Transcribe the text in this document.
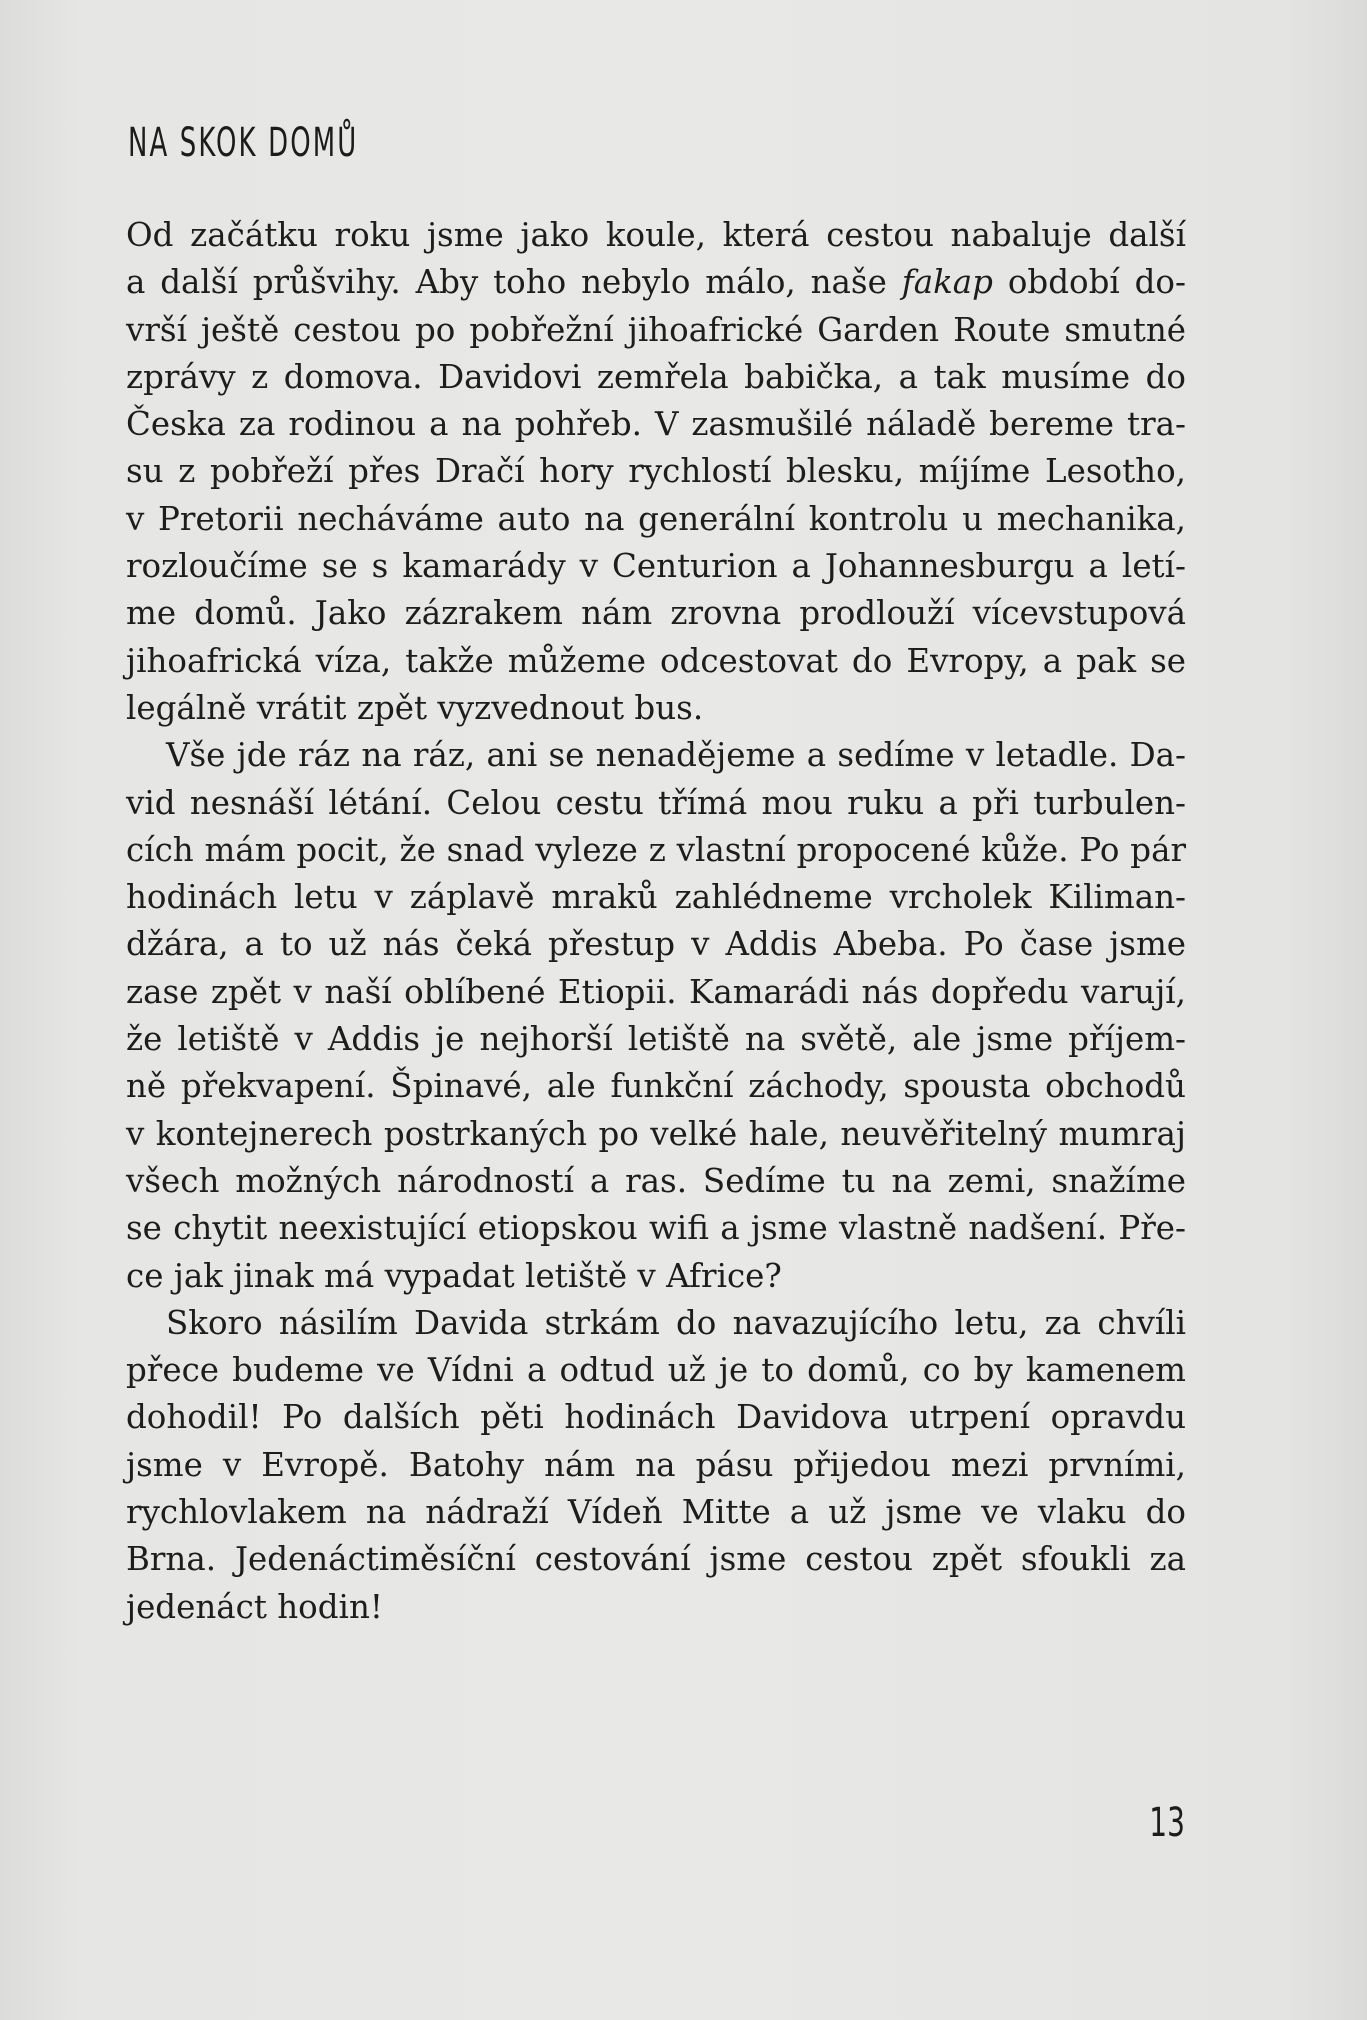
NA SKOK DOMŮ
Od začátku roku jsme jako koule, která cestou nabaluje další
a další průšvihy. Aby toho nebylo málo, naše fakap období do-
vrší ještě cestou po pobřežní jihoafrické Garden Route smutné
zprávy z domova. Davidovi zemřela babička, a tak musíme do
Česka za rodinou a na pohřeb. V zasmušilé náladě bereme tra-
su z pobřeží přes Dračí hory rychlostí blesku, míjíme Lesotho,
v Pretorii necháváme auto na generální kontrolu u mechanika,
rozloučíme se s kamarády v Centurion a Johannesburgu a letí-
me domů. Jako zázrakem nám zrovna prodlouží vícevstupová
jihoafrická víza, takže můžeme odcestovat do Evropy, a pak se
legálně vrátit zpět vyzvednout bus.
Vše jde ráz na ráz, ani se nenadějeme a sedíme v letadle. Da-
vid nesnáší létání. Celou cestu třímá mou ruku a při turbulen-
cích mám pocit, že snad vyleze z vlastní propocené kůže. Po pár
hodinách letu v záplavě mraků zahlédneme vrcholek Kiliman-
džára, a to už nás čeká přestup v Addis Abeba. Po čase jsme
zase zpět v naší oblíbené Etiopii. Kamarádi nás dopředu varují,
že letiště v Addis je nejhorší letiště na světě, ale jsme příjem-
ně překvapení. Špinavé, ale funkční záchody, spousta obchodů
v kontejnerech postrkaných po velké hale, neuvěřitelný mumraj
všech možných národností a ras. Sedíme tu na zemi, snažíme
se chytit neexistující etiopskou wifi a jsme vlastně nadšení. Pře-
ce jak jinak má vypadat letiště v Africe?
Skoro násilím Davida strkám do navazujícího letu, za chvíli
přece budeme ve Vídni a odtud už je to domů, co by kamenem
dohodil! Po dalších pěti hodinách Davidova utrpení opravdu
jsme v Evropě. Batohy nám na pásu přijedou mezi prvními,
rychlovlakem na nádraží Vídeň Mitte a už jsme ve vlaku do
Brna. Jedenáctiměsíční cestování jsme cestou zpět sfoukli za
jedenáct hodin!
13
